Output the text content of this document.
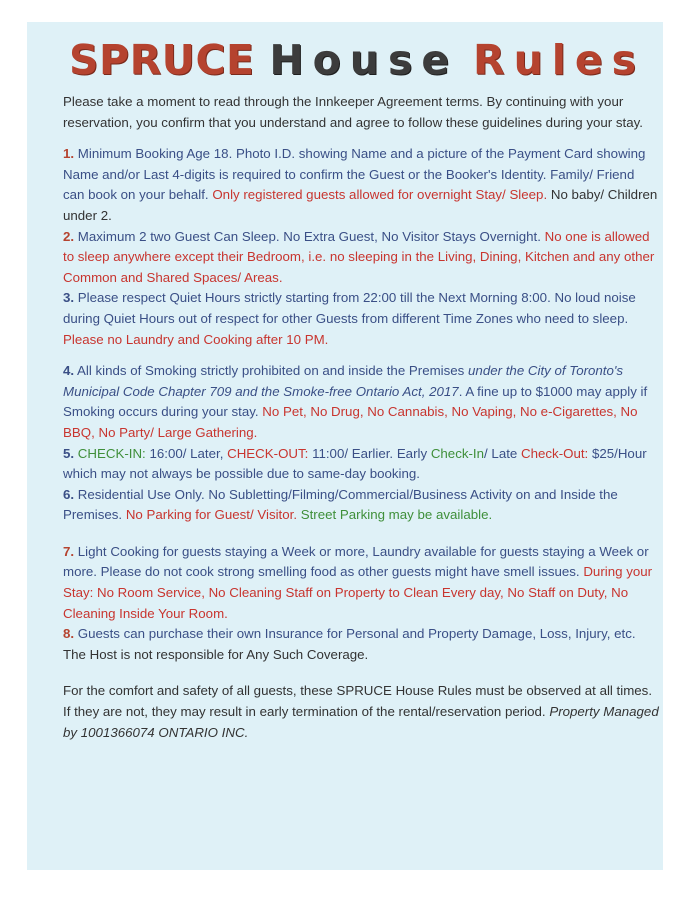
SPRUCE House Rules

Please take a moment to read through the Innkeeper Agreement terms. By continuing with your reservation, you confirm that you understand and agree to follow these guidelines during your stay.

1. Minimum Booking Age 18. Photo I.D. showing Name and a picture of the Payment Card showing Name and/or Last 4-digits is required to confirm the Guest or the Booker's Identity. Family/ Friend can book on your behalf. Only registered guests allowed for overnight Stay/ Sleep. No baby/ Children under 2.

2. Maximum 2 two Guest Can Sleep. No Extra Guest, No Visitor Stays Overnight. No one is allowed to sleep anywhere except their Bedroom, i.e. no sleeping in the Living, Dining, Kitchen and any other Common and Shared Spaces/ Areas.

3. Please respect Quiet Hours strictly starting from 22:00 till the Next Morning 8:00. No loud noise during Quiet Hours out of respect for other Guests from different Time Zones who need to sleep. Please no Laundry and Cooking after 10 PM.

4. All kinds of Smoking strictly prohibited on and inside the Premises under the City of Toronto's Municipal Code Chapter 709 and the Smoke-free Ontario Act, 2017. A fine up to $1000 may apply if Smoking occurs during your stay. No Pet, No Drug, No Cannabis, No Vaping, No e-Cigarettes, No BBQ, No Party/ Large Gathering.

5. CHECK-IN: 16:00/ Later, CHECK-OUT: 11:00/ Earlier. Early Check-In/ Late Check-Out: $25/Hour which may not always be possible due to same-day booking.

6. Residential Use Only. No Subletting/Filming/Commercial/Business Activity on and Inside the Premises. No Parking for Guest/ Visitor. Street Parking may be available.

7. Light Cooking for guests staying a Week or more, Laundry available for guests staying a Week or more. Please do not cook strong smelling food as other guests might have smell issues. During your Stay: No Room Service, No Cleaning Staff on Property to Clean Every day, No Staff on Duty, No Cleaning Inside Your Room.

8. Guests can purchase their own Insurance for Personal and Property Damage, Loss, Injury, etc. The Host is not responsible for Any Such Coverage.

For the comfort and safety of all guests, these SPRUCE House Rules must be observed at all times. If they are not, they may result in early termination of the rental/reservation period. Property Managed by 1001366074 ONTARIO INC.
